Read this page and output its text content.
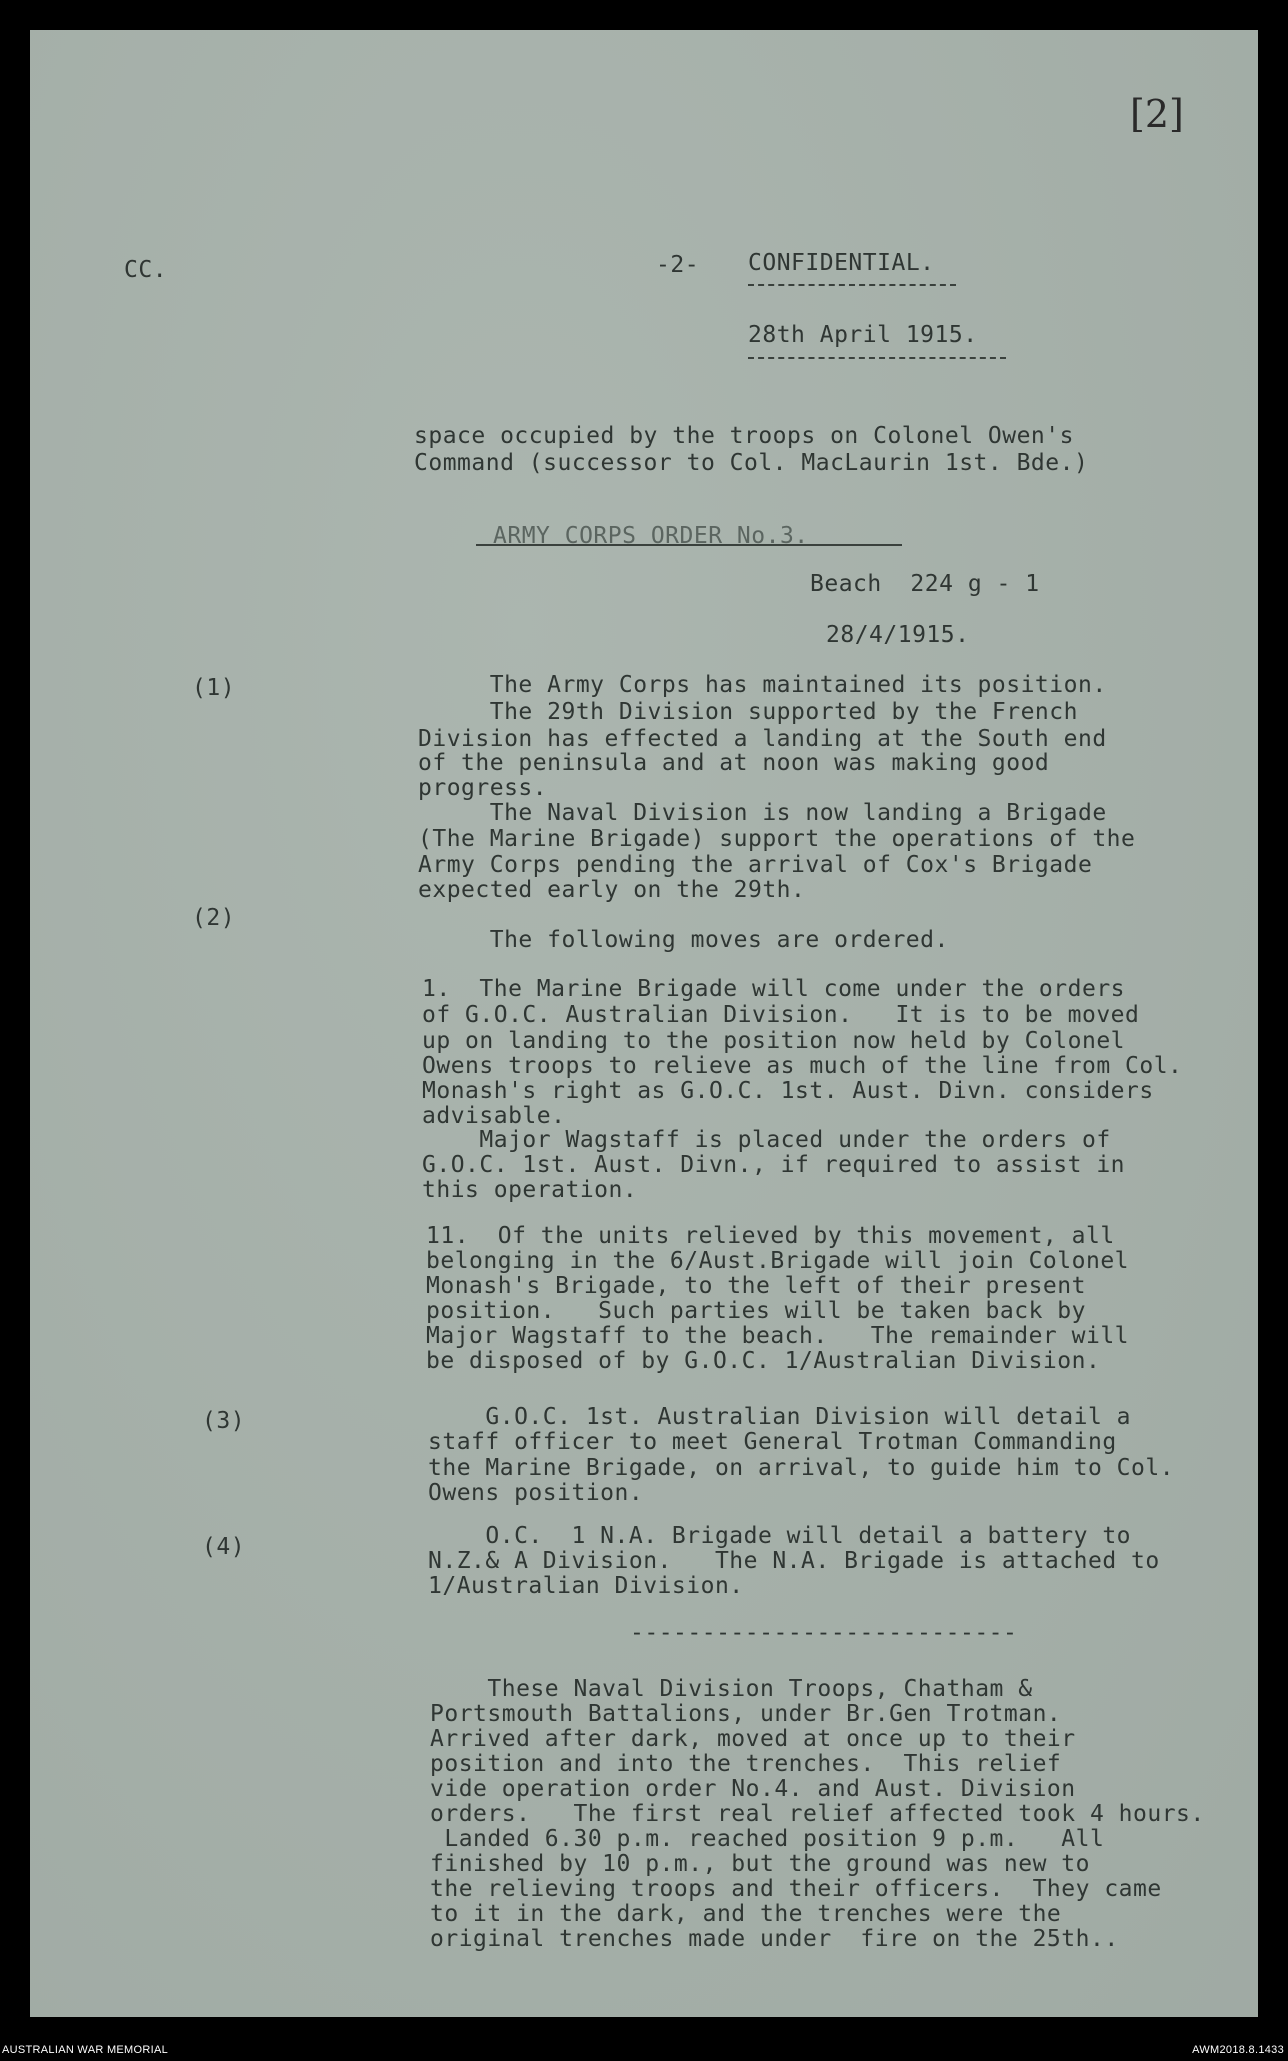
[2]
CC.	-2- CONFIDENTIAL.
28th April 1915.
space occupied by the troops on Colonel Owen's
Command (successor to Col. MacLaurin 1st. Bde.)
ARMY CORPS ORDER No.3.
Beach  224 g - 1
28/4/1915.
(1)	The Army Corps has maintained its position.
The 29th Division supported by the French
Division has effected a landing at the South end
of the peninsula and at noon was making good
progress.
The Naval Division is now landing a Brigade
(The Marine Brigade) support the operations of the
Army Corps pending the arrival of Cox's Brigade
expected early on the 29th.
(2)
The following moves are ordered.
1.  The Marine Brigade will come under the orders
of G.O.C. Australian Division.   It is to be moved
up on landing to the position now held by Colonel
Owens troops to relieve as much of the line from Col.
Monash's right as G.O.C. 1st. Aust. Divn. considers
advisable.
Major Wagstaff is placed under the orders of
G.O.C. 1st. Aust. Divn., if required to assist in
this operation.
11.  Of the units relieved by this movement, all
belonging in the 6/Aust.Brigade will join Colonel
Monash's Brigade, to the left of their present
position.   Such parties will be taken back by
Major Wagstaff to the beach.   The remainder will
be disposed of by G.O.C. 1/Australian Division.
(3)	G.O.C. 1st. Australian Division will detail a
staff officer to meet General Trotman Commanding
the Marine Brigade, on arrival, to guide him to Col.
Owens position.
(4)	O.C.  1 N.A. Brigade will detail a battery to
N.Z.& A Division.   The N.A. Brigade is attached to
1/Australian Division.
---------------------------
These Naval Division Troops, Chatham &
Portsmouth Battalions, under Br.Gen Trotman.
Arrived after dark, moved at once up to their
position and into the trenches.  This relief
vide operation order No.4. and Aust. Division
orders.   The first real relief affected took 4 hours.
Landed 6.30 p.m. reached position 9 p.m.   All
finished by 10 p.m., but the ground was new to
the relieving troops and their officers.  They came
to it in the dark, and the trenches were the
original trenches made under  fire on the 25th..
AUSTRALIAN WAR MEMORIAL	AWM2018.8.1433
